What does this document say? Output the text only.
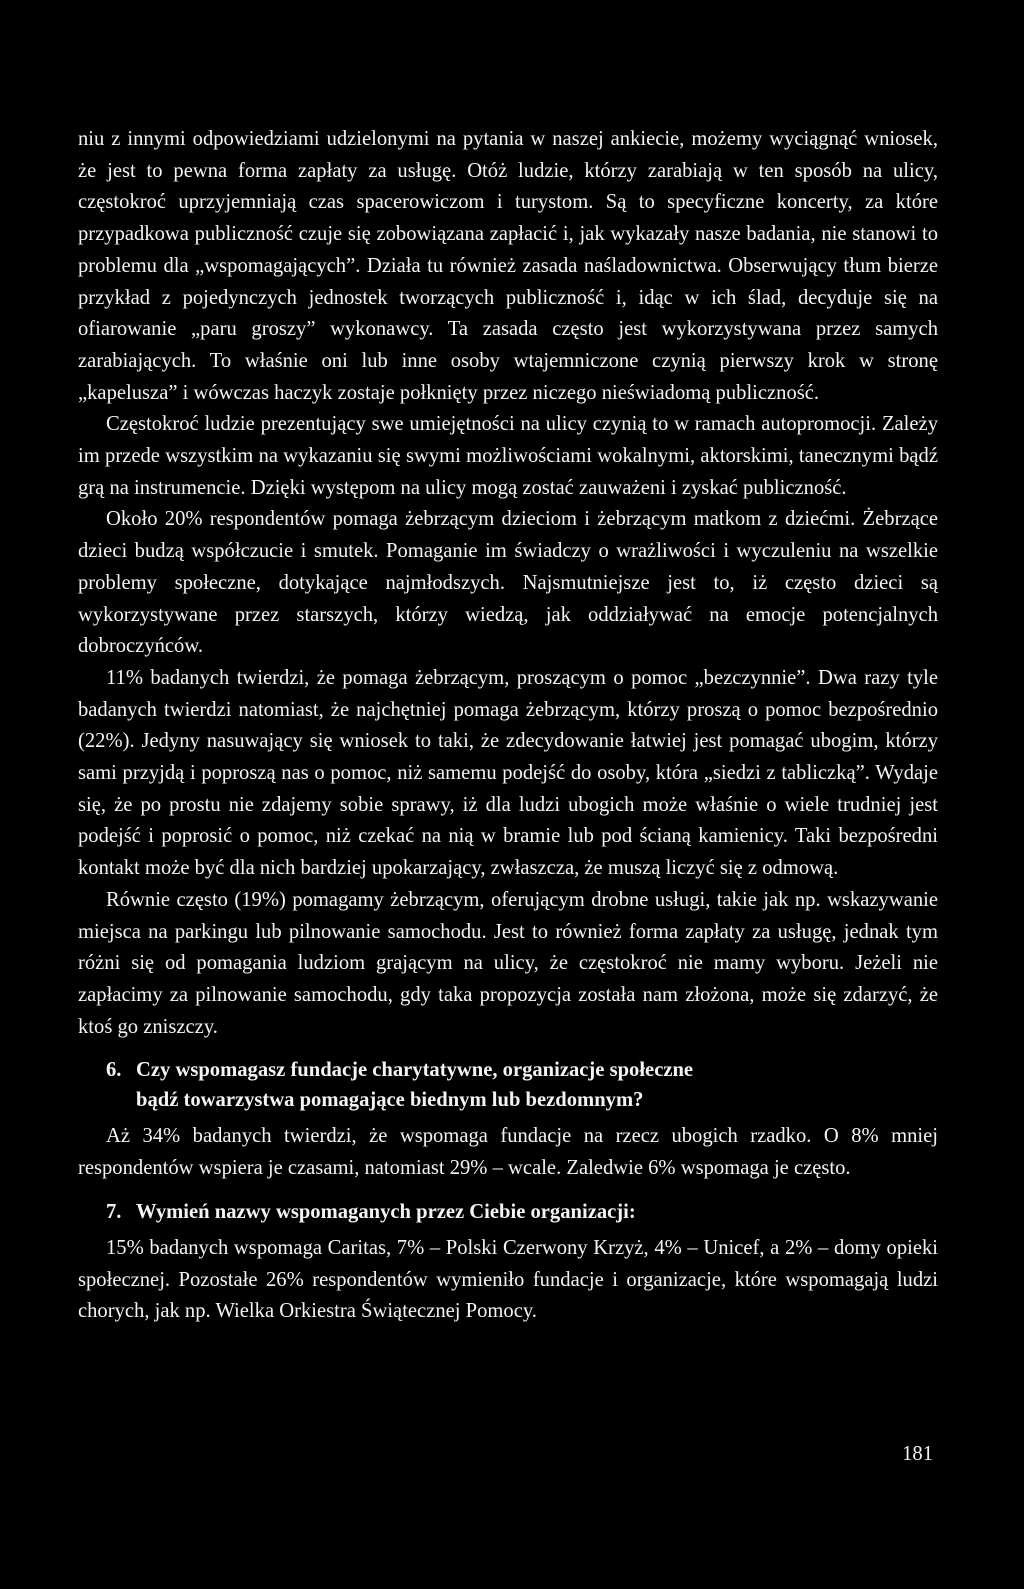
niu z innymi odpowiedziami udzielonymi na pytania w naszej ankiecie, możemy wyciągnąć wniosek, że jest to pewna forma zapłaty za usługę. Otóż ludzie, którzy zarabiają w ten sposób na ulicy, częstokroć uprzyjemniają czas spacerowiczom i turystom. Są to specyficzne koncerty, za które przypadkowa publiczność czuje się zobowiązana zapłacić i, jak wykazały nasze badania, nie stanowi to problemu dla „wspomagających”. Działa tu również zasada naśladownictwa. Obserwujący tłum bierze przykład z pojedynczych jednostek tworzących publiczność i, idąc w ich ślad, decyduje się na ofiarowanie „paru groszy” wykonawcy. Ta zasada często jest wykorzystywana przez samych zarabiających. To właśnie oni lub inne osoby wtajemniczone czynią pierwszy krok w stronę „kapelusza” i wówczas haczyk zostaje połknięty przez niczego nieświadomą publiczność.

Częstokroć ludzie prezentujący swe umiejętności na ulicy czynią to w ramach autopromocji. Zależy im przede wszystkim na wykazaniu się swymi możliwościami wokalnymi, aktorskimi, tanecznymi bądź grą na instrumencie. Dzięki występom na ulicy mogą zostać zauważeni i zyskać publiczność.

Około 20% respondentów pomaga żebrzącym dzieciom i żebrzącym matkom z dziećmi. Żebrzące dzieci budzą współczucie i smutek. Pomaganie im świadczy o wrażliwości i wyczuleniu na wszelkie problemy społeczne, dotykające najmłodszych. Najsmutniejsze jest to, iż często dzieci są wykorzystywane przez starszych, którzy wiedzą, jak oddziaływać na emocje potencjalnych dobroczyńców.

11% badanych twierdzi, że pomaga żebrzącym, proszącym o pomoc „bezczynnie”. Dwa razy tyle badanych twierdzi natomiast, że najchętniej pomaga żebrzącym, którzy proszą o pomoc bezpośrednio (22%). Jedyny nasuwający się wniosek to taki, że zdecydowanie łatwiej jest pomagać ubogim, którzy sami przyjdą i poproszą nas o pomoc, niż samemu podejść do osoby, która „siedzi z tabliczką”. Wydaje się, że po prostu nie zdajemy sobie sprawy, iż dla ludzi ubogich może właśnie o wiele trudniej jest podejść i poprosić o pomoc, niż czekać na nią w bramie lub pod ścianą kamienicy. Taki bezpośredni kontakt może być dla nich bardziej upokarzający, zwłaszcza, że muszą liczyć się z odmową.

Równie często (19%) pomagamy żebrzącym, oferującym drobne usługi, takie jak np. wskazywanie miejsca na parkingu lub pilnowanie samochodu. Jest to również forma zapłaty za usługę, jednak tym różni się od pomagania ludziom grającym na ulicy, że częstokroć nie mamy wyboru. Jeżeli nie zapłacimy za pilnowanie samochodu, gdy taka propozycja została nam złożona, może się zdarzyć, że ktoś go zniszczy.

6. Czy wspomagasz fundacje charytatywne, organizacje społeczne
bądź towarzystwa pomagające biednym lub bezdomnym?

Aż 34% badanych twierdzi, że wspomaga fundacje na rzecz ubogich rzadko. O 8% mniej respondentów wspiera je czasami, natomiast 29% – wcale. Zaledwie 6% wspomaga je często.

7. Wymień nazwy wspomaganych przez Ciebie organizacji:

15% badanych wspomaga Caritas, 7% – Polski Czerwony Krzyż, 4% – Unicef, a 2% – domy opieki społecznej. Pozostałe 26% respondentów wymieniło fundacje i organizacje, które wspomagają ludzi chorych, jak np. Wielka Orkiestra Świątecznej Pomocy.

181
